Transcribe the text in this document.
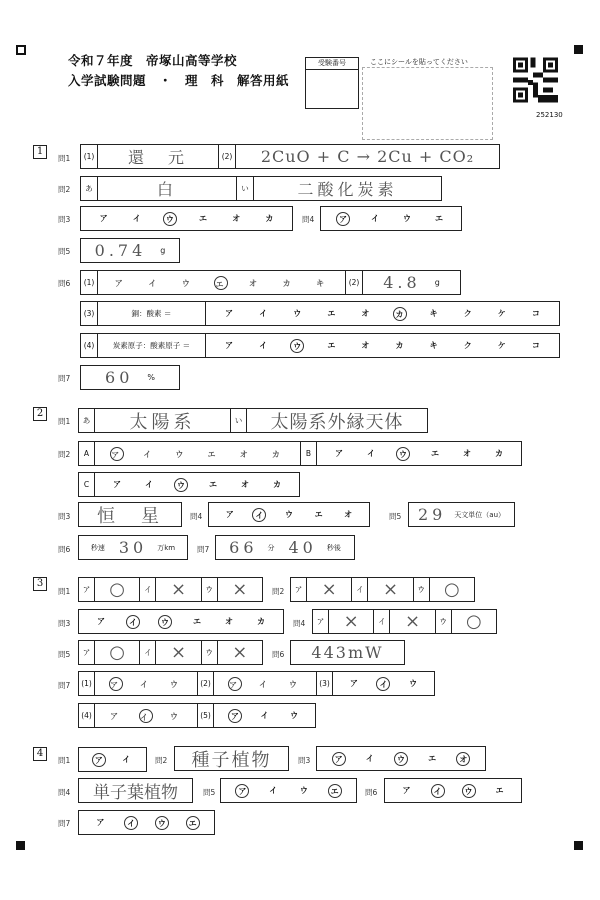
令和７年度　帝塚山高等学校
入学試験問題　・　理　科　解答用紙
受験番号	ここにシールを貼ってください
252130
1
問1	(1)	還　元	(2)	2CuO + C → 2Cu + CO₂
問2	あ	白	い	二酸化炭素
問3	ア	イ	ウ	エ	オ	カ	問4	ア	イ	ウ	エ
問5 0.74 g
問6	(1)	ア	イ	ウ	エ	オ	カ	キ	(2) 4.8 g
(3)	銅：酸素 ＝	ア	イ	ウ	エ	オ	カ	キ	ク	ケ	コ
(4)	炭素原子：酸素原子 ＝	ア	イ	ウ	エ	オ	カ	キ	ク	ケ	コ
問7 60 %
2
問1	あ	太陽系	い	太陽系外縁天体
問2	A	ア	イ	ウ	エ	オ	カ	B	ア	イ	ウ	エ	オ	カ
C	ア	イ	ウ	エ	オ	カ
問3	恒　星	問4	ア	イ	ウ	エ	オ	問5 29 天文単位（au）
問6	秒速 30 万km	問7 66 分 40 秒後
3
問1	ア	○	イ	×	ウ	×	問2	ア	×	イ	×	ウ	○
問3	ア	イ	ウ	エ	オ	カ	問4	ア	×	イ	×	ウ	○
問5	ア	○	イ	×	ウ	×	問6	443mW
問7 (1)	ア イ ウ (2)	ア イ ウ (3)	ア	イ	ウ
(4)	ア イ ウ (5)	ア	イ	ウ
4
問1	ア	イ	問2	種子植物	問3	ア	イ	ウ	エ	オ
問4	単子葉植物	問5	ア	イ	ウ	エ	問6	ア	イ	ウ	エ
問7	ア	イ	ウ	エ
